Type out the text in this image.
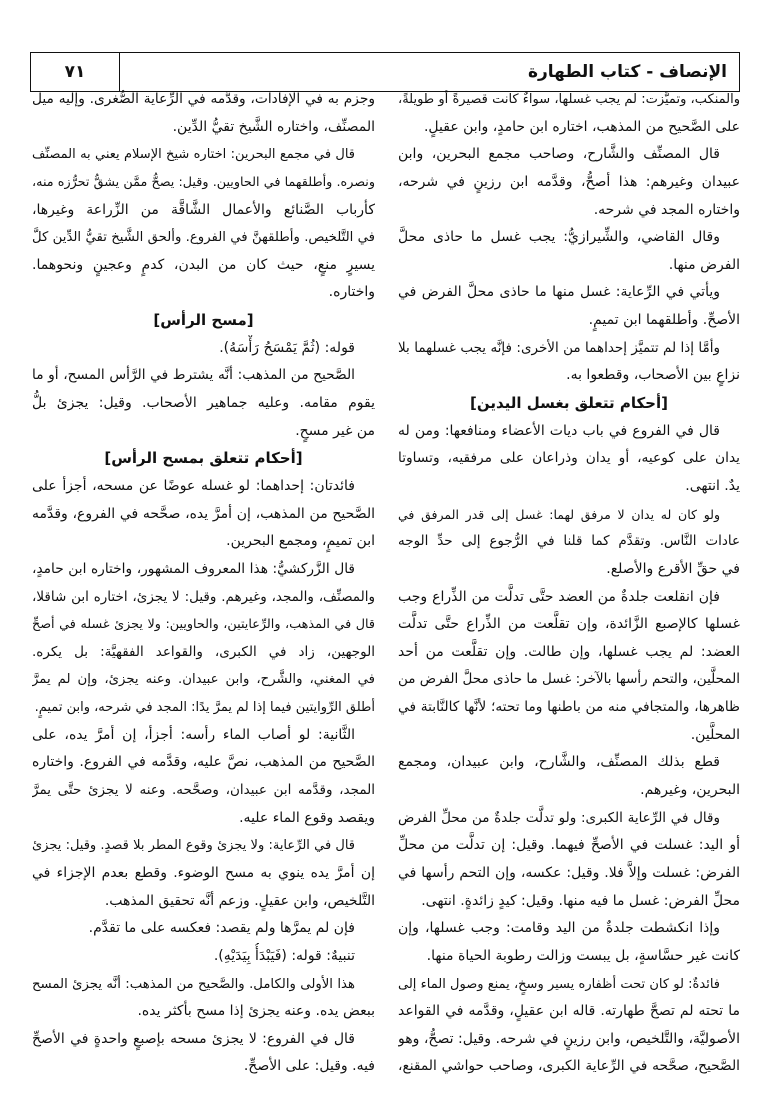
٧١	الإنصاف - كتاب الطهارة
والمنكب، وتميَّزت: لم يجب غسلها، سواءٌ كانت قصيرةً أو طويلةً،
على الصَّحيح من المذهب، اختاره ابن حامدٍ، وابن عقيلٍ.
قال المصنِّف والشَّارح، وصاحب مجمع البحرين، وابن
عبيدان وغيرهم: هذا أصحُّ، وقدَّمه ابن رزينٍ في شرحه،
واختاره المجد في شرحه.
وقال القاضي، والشِّيرازيُّ: يجب غسل ما حاذى محلَّ
الفرض منها.
ويأتي في الرِّعاية: غسل منها ما حاذى محلَّ الفرض في
الأصحِّ. وأطلقهما ابن تميمٍ.
وأمَّا إذا لم تتميَّز إحداهما من الأخرى: فإنَّه يجب غسلهما بلا
نزاعٍ بين الأصحاب، وقطعوا به.
[أحكام تتعلق بغسل اليدين]
قال في الفروع في باب ديات الأعضاء ومنافعها: ومن له
يدان على كوعيه، أو يدان وذراعان على مرفقيه، وتساوتا
يدٌ. انتهى.
ولو كان له يدان لا مرفق لهما: غسل إلى قدر المرفق في
عادات النَّاس. وتقدَّم كما قلنا في الرُّجوع إلى حدِّ الوجه
في حقِّ الأقرع والأصلع.
فإن انقلعت جلدةٌ من العضد حتَّى تدلَّت من الذِّراع وجب
غسلها كالإصبع الزَّائدة، وإن تقلَّعت من الذِّراع حتَّى تدلَّت
العضد: لم يجب غسلها، وإن طالت. وإن تقلَّعت من أحد
المحلَّين، والتحم رأسها بالآخر: غسل ما حاذى محلَّ الفرض من
ظاهرها، والمتجافي منه من باطنها وما تحته؛ لأنَّها كالنَّابتة في
المحلَّين.
قطع بذلك المصنِّف، والشَّارح، وابن عبيدان، ومجمع
البحرين، وغيرهم.
وقال في الرِّعاية الكبرى: ولو تدلَّت جلدةٌ من محلِّ الفرض
أو اليد: غسلت في الأصحِّ فيهما. وقيل: إن تدلَّت من محلِّ
الفرض: غسلت وإلاَّ فلا. وقيل: عكسه، وإن التحم رأسها في
محلِّ الفرض: غسل ما فيه منها. وقيل: كيدٍ زائدةٍ. انتهى.
وإذا انكشطت جلدةٌ من اليد وقامت: وجب غسلها، وإن
كانت غير حسَّاسةٍ، بل يبست وزالت رطوبة الحياة منها.
فائدةٌ: لو كان تحت أظفاره يسير وسخٍ، يمنع وصول الماء إلى
ما تحته لم تصحَّ طهارته. قاله ابن عقيلٍ، وقدَّمه في القواعد
الأصوليَّة، والتَّلخيص، وابن رزينٍ في شرحه. وقيل: تصحُّ، وهو
الصَّحيح، صحَّحه في الرِّعاية الكبرى، وصاحب حواشي المقنع،
وجزم به في الإفادات، وقدَّمه في الرِّعاية الصُّغرى. وإليه ميل
المصنِّف، واختاره الشَّيخ تقيُّ الدِّين.
قال في مجمع البحرين: اختاره شيخ الإسلام يعني به المصنِّف
ونصره. وأطلقهما في الحاويين. وقيل: يصحُّ ممَّن يشقُّ تحرُّزه منه،
كأرباب الصَّنائع والأعمال الشَّاقَّة من الزِّراعة وغيرها،
في التَّلخيص. وأطلقهنَّ في الفروع. وألحق الشَّيخ تقيُّ الدِّين كلَّ
يسيرٍ منعٍ، حيث كان من البدن، كدمٍ وعجينٍ ونحوهما.
واختاره.
[مسح الرأس]
قوله: (ثُمَّ يَمْسَحُ رَأْسَهُ).
الصَّحيح من المذهب: أنَّه يشترط في الرَّأس المسح، أو ما
يقوم مقامه. وعليه جماهير الأصحاب. وقيل: يجزئ بلُّ
من غير مسحٍ.
[أحكام تتعلق بمسح الرأس]
فائدتان: إحداهما: لو غسله عوضًا عن مسحه، أجزأ على
الصَّحيح من المذهب، إن أمرَّ يده، صحَّحه في الفروع، وقدَّمه
ابن تميمٍ، ومجمع البحرين.
قال الزَّركشيُّ: هذا المعروف المشهور، واختاره ابن حامدٍ،
والمصنِّف، والمجد، وغيرهم. وقيل: لا يجزئ، اختاره ابن شاقلا،
قال في المذهب، والرِّعايتين، والحاويين: ولا يجزئ غسله في أصحِّ
الوجهين، زاد في الكبرى، والقواعد الفقهيَّة: بل يكره.
في المغني، والشَّرح، وابن عبيدان. وعنه يجزئ، وإن لم يمرَّ
أطلق الرِّوايتين فيما إذا لم يمرَّ يدًا: المجد في شرحه، وابن تميمٍ.
الثَّانية: لو أصاب الماء رأسه: أجزأ، إن أمرَّ يده، على
الصَّحيح من المذهب، نصَّ عليه، وقدَّمه في الفروع. واختاره
المجد، وقدَّمه ابن عبيدان، وصحَّحه. وعنه لا يجزئ حتَّى يمرَّ
ويقصد وقوع الماء عليه.
قال في الرِّعاية: ولا يجزئ وقوع المطر بلا قصدٍ. وقيل: يجزئ
إن أمرَّ يده ينوي به مسح الوضوء. وقطع بعدم الإجزاء في
التَّلخيص، وابن عقيلٍ. وزعم أنَّه تحقيق المذهب.
فإن لم يمرَّها ولم يقصد: فعكسه على ما تقدَّم.
تنبيهٌ: قوله: (فَيَبْدَأُ بِيَدَيْهِ).
هذا الأولى والكامل. والصَّحيح من المذهب: أنَّه يجزئ المسح
ببعض يده. وعنه يجزئ إذا مسح بأكثر يده.
قال في الفروع: لا يجزئ مسحه بإصبعٍ واحدةٍ في الأصحِّ
فيه. وقيل: على الأصحِّ.
